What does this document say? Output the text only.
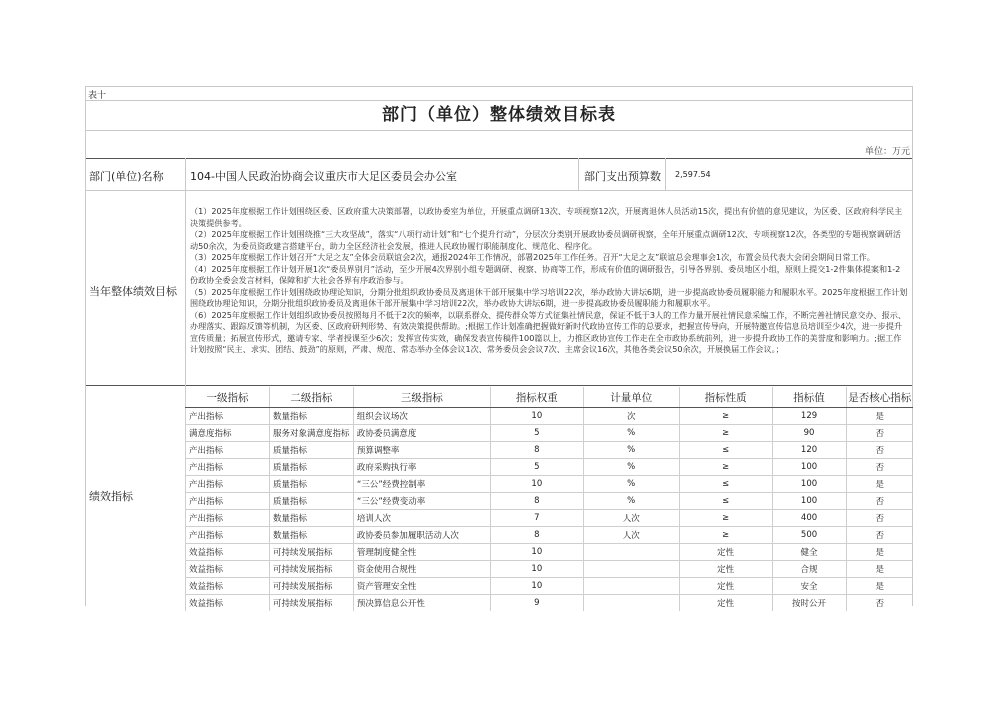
表十
部门（单位）整体绩效目标表
单位：万元
部门(单位)名称 104-中国人民政治协商会议重庆市大足区委员会办公室	部门支出预算数 2,597.54
当年整体绩效目标

（1）2025年度根据工作计划围绕区委、区政府重大决策部署，以政协委室为单位，开展重点调研13次、专项视察12次，开展离退休人员活动15次，提出有价值的意见建议，为区委、区政府科学民主决策提供参考。

（2）2025年度根据工作计划围绕推“三大攻坚战”，落实“八项行动计划”和“七个提升行动”，分层次分类别开展政协委员调研视察，全年开展重点调研12次、专项视察12次，各类型的专题视察调研活动50余次，为委员资政建言搭建平台，助力全区经济社会发展，推进人民政协履行职能制度化、规范化、程序化。

（3）2025年度根据工作计划召开“大足之友”全体会员联谊会2次，通报2024年工作情况，部署2025年工作任务。召开“大足之友”联谊总会理事会1次，布置会员代表大会闭会期间日常工作。

（4）2025年度根据工作计划开展1次“委员界别月”活动，至少开展4次界别小组专题调研、视察、协商等工作，形成有价值的调研报告，引导各界别、委员地区小组，原则上提交1-2件集体提案和1-2份政协全委会发言材料，保障和扩大社会各界有序政治参与。

（5）2025年度根据工作计划围绕政协理论知识，分期分批组织政协委员及离退休干部开展集中学习培训22次，举办政协大讲坛6期，进一步提高政协委员履职能力和履职水平。2025年度根据工作计划围绕政协理论知识，分期分批组织政协委员及离退休干部开展集中学习培训22次，举办政协大讲坛6期，进一步提高政协委员履职能力和履职水平。

（6）2025年度根据工作计划组织政协委员按照每月不低于2次的频率，以联系群众、提传群众等方式征集社情民意，保证不低于3人的工作力量开展社情民意采编工作，不断完善社情民意交办、报示、办理落实、跟踪反馈等机制，为区委、区政府研判形势、有效决策提供帮助。;根据工作计划准确把握做好新时代政协宣传工作的总要求，把握宣传导向，开展特邀宣传信息员培训至少4次，进一步提升宣传质量；拓展宣传形式，邀请专家、学者授课至少6次；发挥宣传实效，确保发表宣传稿件100篇以上，力推区政协宣传工作走在全市政协系统前列，进一步提升政协工作的美誉度和影响力。;据工作计划按照“民主、求实、团结、鼓劲”的原则，严肃、规范、常态举办全体会议1次、常务委员会会议7次、主席会议16次，其他各类会议50余次，开展换届工作会议。；

绩效指标
一级指标	二级指标	三级指标	指标权重	计量单位	指标性质	指标值	是否核心指标
产出指标	数量指标	组织会议场次	10	次	≥	129	是
满意度指标	服务对象满意度指标	政协委员满意度	5	%	≥	90	否
产出指标	质量指标	预算调整率	8	%	≤	120	否
产出指标	质量指标	政府采购执行率	5	%	≥	100	否
产出指标	质量指标	“三公”经费控制率	10	%	≤	100	是
产出指标	质量指标	“三公”经费变动率	8	%	≤	100	否
产出指标	数量指标	培训人次	7	人次	≥	400	否
产出指标	数量指标	政协委员参加履职活动人次	8	人次	≥	500	否
效益指标	可持续发展指标	管理制度健全性	10		定性	健全	是
效益指标	可持续发展指标	资金使用合规性	10		定性	合规	是
效益指标	可持续发展指标	资产管理安全性	10		定性	安全	是
效益指标	可持续发展指标	预决算信息公开性	9		定性	按时公开	否
